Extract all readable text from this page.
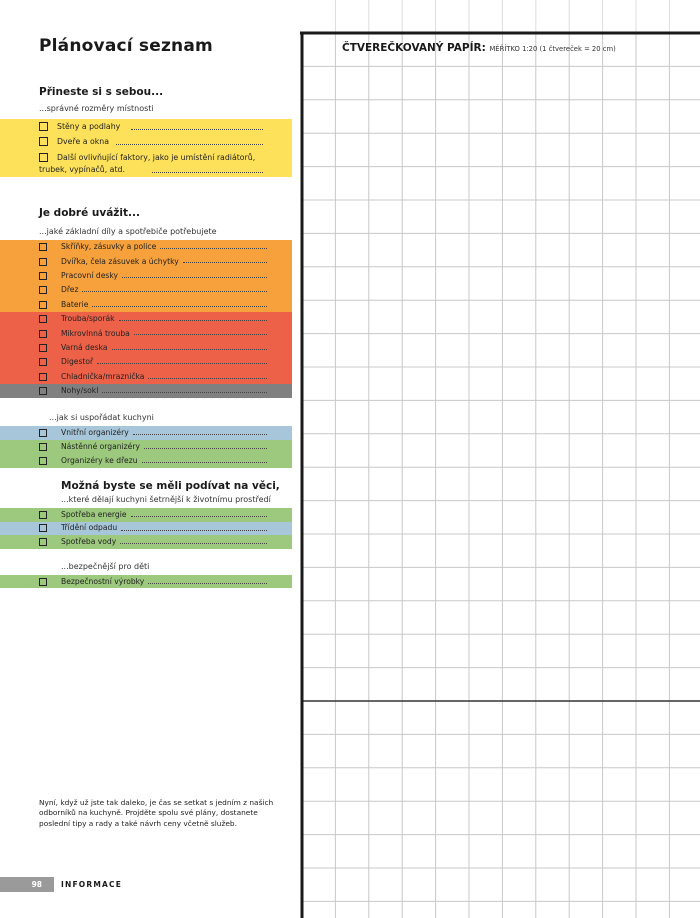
Plánovací seznam
Přineste si s sebou...
...správné rozměry místnosti
Stěny a podlahy
Dveře a okna
Další ovlivňující faktory, jako je umístění radiátorů,
trubek, vypínačů, atd.
Je dobré uvážit...
...jaké základní díly a spotřebiče potřebujete
Skříňky, zásuvky a police
Dvířka, čela zásuvek a úchytky
Pracovní desky
Dřez
Baterie
Trouba/sporák
Mikrovlnná trouba
Varná deska
Digestoř
Chladnička/mraznička
Nohy/sokl
...jak si uspořádat kuchyni
Vnitřní organizéry
Nástěnné organizéry
Organizéry ke dřezu
Možná byste se měli podívat na věci,
...které dělají kuchyni šetrnější k životnímu prostředí
Spotřeba energie
Třídění odpadu
Spotřeba vody
...bezpečnější pro děti
Bezpečnostní výrobky
Nyní, když už jste tak daleko, je čas se setkat s jedním z našich odborníků na kuchyně. Projděte spolu své plány, dostanete poslední tipy a rady a také návrh ceny včetně služeb.
98	INFORMACE
ČTVEREČKOVANÝ PAPÍR: MĚŘÍTKO 1:20 (1 čtvereček = 20 cm)
